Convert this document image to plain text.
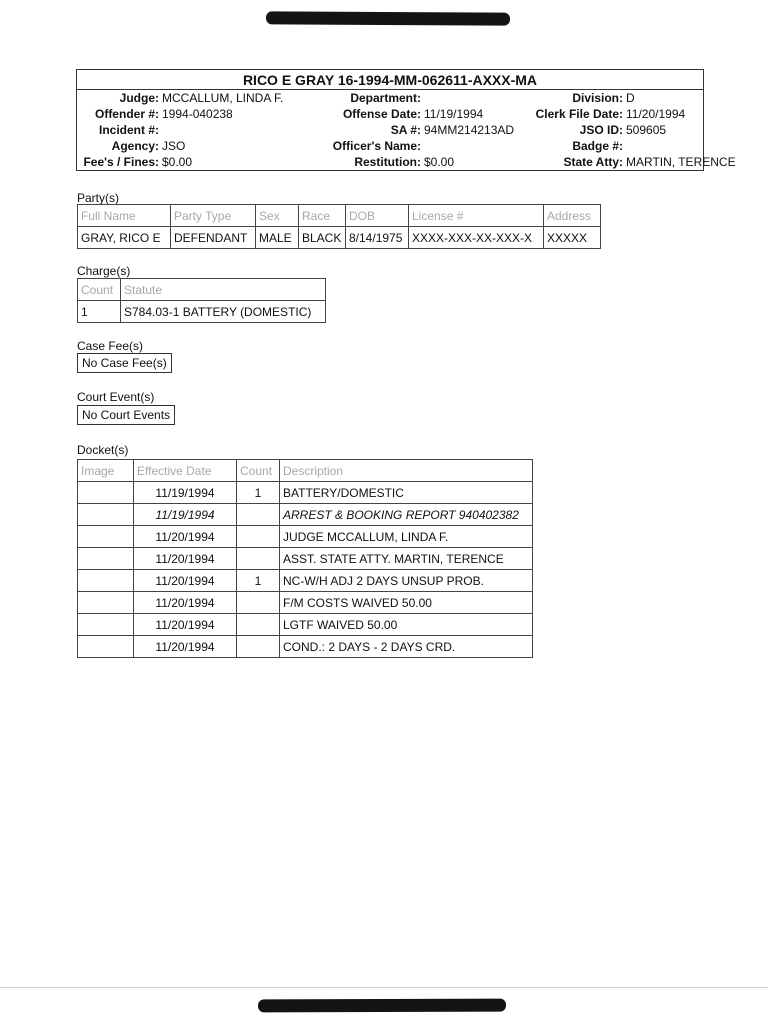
RICO E GRAY 16-1994-MM-062611-AXXX-MA
Judge: MCCALLUM, LINDA F.	Department:	Division: D
Offender #: 1994-040238	Offense Date: 11/19/1994	Clerk File Date: 11/20/1994
Incident #:	SA #: 94MM214213AD	JSO ID: 509605
Agency: JSO	Officer's Name:	Badge #:
Fee's / Fines: $0.00	Restitution: $0.00	State Atty: MARTIN, TERENCE
Party(s)
Full Name	Party Type	Sex	Race	DOB	License #	Address
GRAY, RICO E	DEFENDANT	MALE	BLACK	8/14/1975	XXXX-XXX-XX-XXX-X	XXXXX
Charge(s)
Count	Statute
1	S784.03-1 BATTERY (DOMESTIC)
Case Fee(s)
No Case Fee(s)
Court Event(s)
No Court Events
Docket(s)
Image	Effective Date	Count	Description
	11/19/1994	1	BATTERY/DOMESTIC
	11/19/1994		ARREST & BOOKING REPORT 940402382
	11/20/1994		JUDGE MCCALLUM, LINDA F.
	11/20/1994		ASST. STATE ATTY. MARTIN, TERENCE
	11/20/1994	1	NC-W/H ADJ 2 DAYS UNSUP PROB.
	11/20/1994		F/M COSTS WAIVED 50.00
	11/20/1994		LGTF WAIVED 50.00
	11/20/1994		COND.: 2 DAYS - 2 DAYS CRD.
